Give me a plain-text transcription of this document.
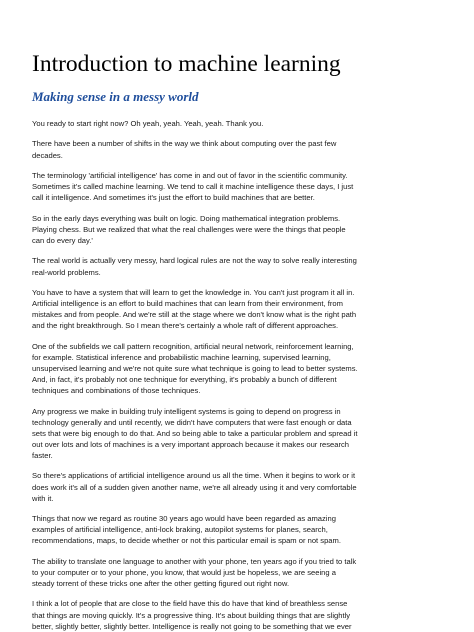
Introduction to machine learning
Making sense in a messy world

You ready to start right now? Oh yeah, yeah. Yeah, yeah. Thank you.

There have been a number of shifts in the way we think about computing over the past few
decades.

The terminology 'artificial intelligence' has come in and out of favor in the scientific community.
Sometimes it's called machine learning. We tend to call it machine intelligence these days, I just
call it intelligence. And sometimes it's just the effort to build machines that are better.

So in the early days everything was built on logic. Doing mathematical integration problems.
Playing chess. But we realized that what the real challenges were were the things that people
can do every day.'

The real world is actually very messy, hard logical rules are not the way to solve really interesting
real-world problems.

You have to have a system that will learn to get the knowledge in. You can't just program it all in.
Artificial intelligence is an effort to build machines that can learn from their environment, from
mistakes and from people. And we're still at the stage where we don't know what is the right path
and the right breakthrough. So I mean there's certainly a whole raft of different approaches.

One of the subfields we call pattern recognition, artificial neural network, reinforcement learning,
for example. Statistical inference and probabilistic machine learning, supervised learning,
unsupervised learning and we're not quite sure what technique is going to lead to better systems.
And, in fact, it's probably not one technique for everything, it's probably a bunch of different
techniques and combinations of those techniques.

Any progress we make in building truly intelligent systems is going to depend on progress in
technology generally and until recently, we didn't have computers that were fast enough or data
sets that were big enough to do that. And so being able to take a particular problem and spread it
out over lots and lots of machines is a very important approach because it makes our research
faster.

So there's applications of artificial intelligence around us all the time. When it begins to work or it
does work it's all of a sudden given another name, we're all already using it and very comfortable
with it.

Things that now we regard as routine 30 years ago would have been regarded as amazing
examples of artificial intelligence, anti-lock braking, autopilot systems for planes, search,
recommendations, maps, to decide whether or not this particular email is spam or not spam.

The ability to translate one language to another with your phone, ten years ago if you tried to talk
to your computer or to your phone, you know, that would just be hopeless, we are seeing a
steady torrent of these tricks one after the other getting figured out right now.

I think a lot of people that are close to the field have this do have that kind of breathless sense
that things are moving quickly. It's a progressive thing. It's about building things that are slightly
better, slightly better, slightly better. Intelligence is really not going to be something that we ever
